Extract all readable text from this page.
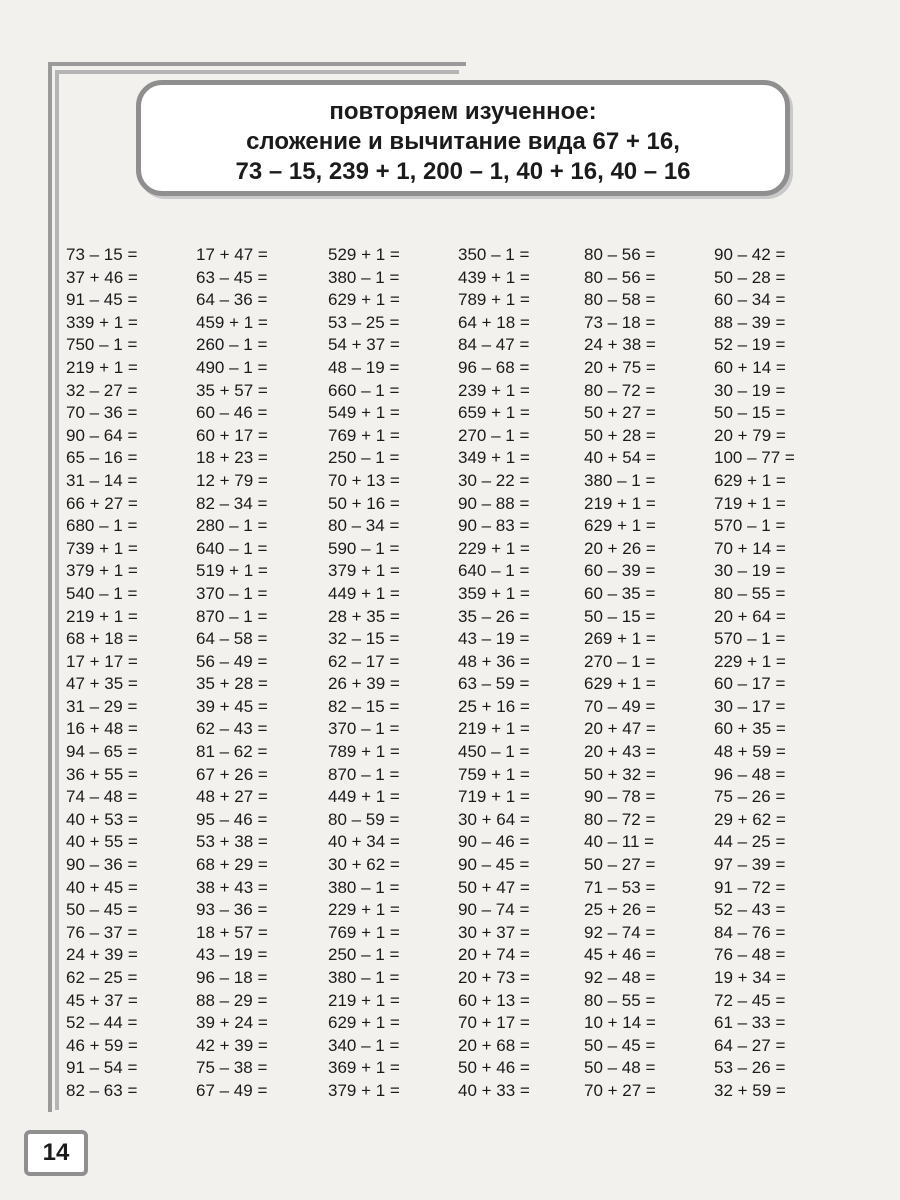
повторяем изученное:
сложение и вычитание вида 67 + 16,
73 – 15, 239 + 1, 200 – 1, 40 + 16, 40 – 16
73 – 15 =
37 + 46 =
91 – 45 =
339 + 1 =
750 – 1 =
219 + 1 =
32 – 27 =
70 – 36 =
90 – 64 =
65 – 16 =
31 – 14 =
66 + 27 =
680 – 1 =
739 + 1 =
379 + 1 =
540 – 1 =
219 + 1 =
68 + 18 =
17 + 17 =
47 + 35 =
31 – 29 =
16 + 48 =
94 – 65 =
36 + 55 =
74 – 48 =
40 + 53 =
40 + 55 =
90 – 36 =
40 + 45 =
50 – 45 =
76 – 37 =
24 + 39 =
62 – 25 =
45 + 37 =
52 – 44 =
46 + 59 =
91 – 54 =
82 – 63 =
17 + 47 =
63 – 45 =
64 – 36 =
459 + 1 =
260 – 1 =
490 – 1 =
35 + 57 =
60 – 46 =
60 + 17 =
18 + 23 =
12 + 79 =
82 – 34 =
280 – 1 =
640 – 1 =
519 + 1 =
370 – 1 =
870 – 1 =
64 – 58 =
56 – 49 =
35 + 28 =
39 + 45 =
62 – 43 =
81 – 62 =
67 + 26 =
48 + 27 =
95 – 46 =
53 + 38 =
68 + 29 =
38 + 43 =
93 – 36 =
18 + 57 =
43 – 19 =
96 – 18 =
88 – 29 =
39 + 24 =
42 + 39 =
75 – 38 =
67 – 49 =
529 + 1 =
380 – 1 =
629 + 1 =
53 – 25 =
54 + 37 =
48 – 19 =
660 – 1 =
549 + 1 =
769 + 1 =
250 – 1 =
70 + 13 =
50 + 16 =
80 – 34 =
590 – 1 =
379 + 1 =
449 + 1 =
28 + 35 =
32 – 15 =
62 – 17 =
26 + 39 =
82 – 15 =
370 – 1 =
789 + 1 =
870 – 1 =
449 + 1 =
80 – 59 =
40 + 34 =
30 + 62 =
380 – 1 =
229 + 1 =
769 + 1 =
250 – 1 =
380 – 1 =
219 + 1 =
629 + 1 =
340 – 1 =
369 + 1 =
379 + 1 =
350 – 1 =
439 + 1 =
789 + 1 =
64 + 18 =
84 – 47 =
96 – 68 =
239 + 1 =
659 + 1 =
270 – 1 =
349 + 1 =
30 – 22 =
90 – 88 =
90 – 83 =
229 + 1 =
640 – 1 =
359 + 1 =
35 – 26 =
43 – 19 =
48 + 36 =
63 – 59 =
25 + 16 =
219 + 1 =
450 – 1 =
759 + 1 =
719 + 1 =
30 + 64 =
90 – 46 =
90 – 45 =
50 + 47 =
90 – 74 =
30 + 37 =
20 + 74 =
20 + 73 =
60 + 13 =
70 + 17 =
20 + 68 =
50 + 46 =
40 + 33 =
80 – 56 =
80 – 56 =
80 – 58 =
73 – 18 =
24 + 38 =
20 + 75 =
80 – 72 =
50 + 27 =
50 + 28 =
40 + 54 =
380 – 1 =
219 + 1 =
629 + 1 =
20 + 26 =
60 – 39 =
60 – 35 =
50 – 15 =
269 + 1 =
270 – 1 =
629 + 1 =
70 – 49 =
20 + 47 =
20 + 43 =
50 + 32 =
90 – 78 =
80 – 72 =
40 – 11 =
50 – 27 =
71 – 53 =
25 + 26 =
92 – 74 =
45 + 46 =
92 – 48 =
80 – 55 =
10 + 14 =
50 – 45 =
50 – 48 =
70 + 27 =
90 – 42 =
50 – 28 =
60 – 34 =
88 – 39 =
52 – 19 =
60 + 14 =
30 – 19 =
50 – 15 =
20 + 79 =
100 – 77 =
629 + 1 =
719 + 1 =
570 – 1 =
70 + 14 =
30 – 19 =
80 – 55 =
20 + 64 =
570 – 1 =
229 + 1 =
60 – 17 =
30 – 17 =
60 + 35 =
48 + 59 =
96 – 48 =
75 – 26 =
29 + 62 =
44 – 25 =
97 – 39 =
91 – 72 =
52 – 43 =
84 – 76 =
76 – 48 =
19 + 34 =
72 – 45 =
61 – 33 =
64 – 27 =
53 – 26 =
32 + 59 =
14
